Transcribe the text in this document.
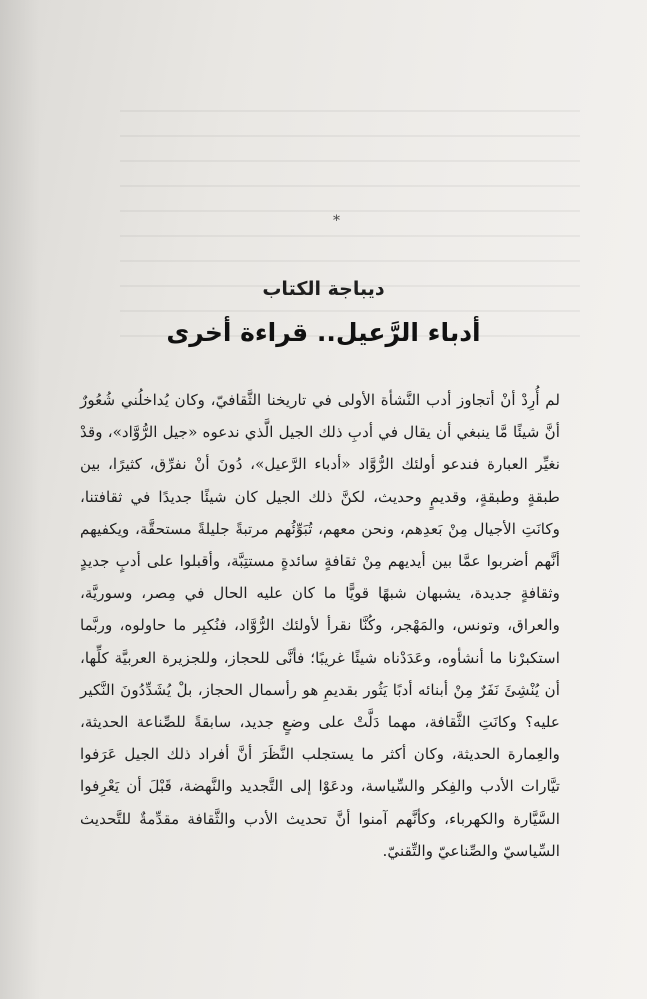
*
ديباجة الكتاب
أدباء الرَّعيل.. قراءة أخرى
لم أُرِدْ أنْ أتجاوز أدب النَّشأة الأولى في تاريخنا الثَّقافيّ، وكان يُداخلُني شُعُورٌ أنَّ شيئًا مَّا ينبغي أن يقال في أدبِ ذلك الجيل الَّذي ندعوه «جيل الرُّوَّاد»، وقدْ نغيِّر العبارة فندعو أولئك الرُّوَّاد «أدباء الرَّعيل»، دُونَ أنْ نفرِّق، كثيرًا، بين طبقةٍ وطبقةٍ، وقديمٍ وحديث، لكنَّ ذلك الجيل كان شيئًا جديدًا في ثقافتنا، وكانَتِ الأجيال مِنْ بَعدِهم، ونحن معهم، تُبَوِّئُهم مرتبةً جليلةً مستحقَّة، ويكفيهم أنَّهم أضربوا عمَّا بين أيديهم مِنْ ثقافةٍ سائدةٍ مستتِبَّة، وأقبلوا على أدبٍ جديدٍ وثقافةٍ جديدة، يشبهان شبهًا قويًّا ما كان عليه الحال في مِصر، وسوريَّة، والعراق، وتونس، والمَهْجر، وكُنَّا نقرأ لأولئك الرُّوَّاد، فنُكبِر ما حاولوه، وربَّما استكبرْنا ما أنشأوه، وعَدَدْناه شيئًا غريبًا؛ فأنَّى للحجاز، وللجزيرة العربيَّة كلِّها، أن يُنْشِئَ نَفَرٌ مِنْ أبنائه أدبًا يَثُور بقديمِ هو رأسمال الحجاز، بلْ يُشَدِّدُونَ النَّكير عليه؟ وكانَتِ الثَّقافة، مهما دَلَّتْ على وضعٍ جديد، سابقةً للصِّناعة الحديثة، والعِمارة الحديثة، وكان أكثر ما يستجلب النَّظَرَ أنَّ أفراد ذلك الجيل عَرَفوا تيَّارات الأدب والفِكر والسِّياسة، ودعَوْا إلى التَّجديد والنَّهضة، قَبْلَ أن يَعْرِفوا السَّيَّارة والكهرباء، وكأنَّهم آمنوا أنَّ تحديث الأدب والثَّقافة مقدِّمةٌ للتَّحديث السِّياسيّ والصِّناعيّ والتِّقنيّ.
